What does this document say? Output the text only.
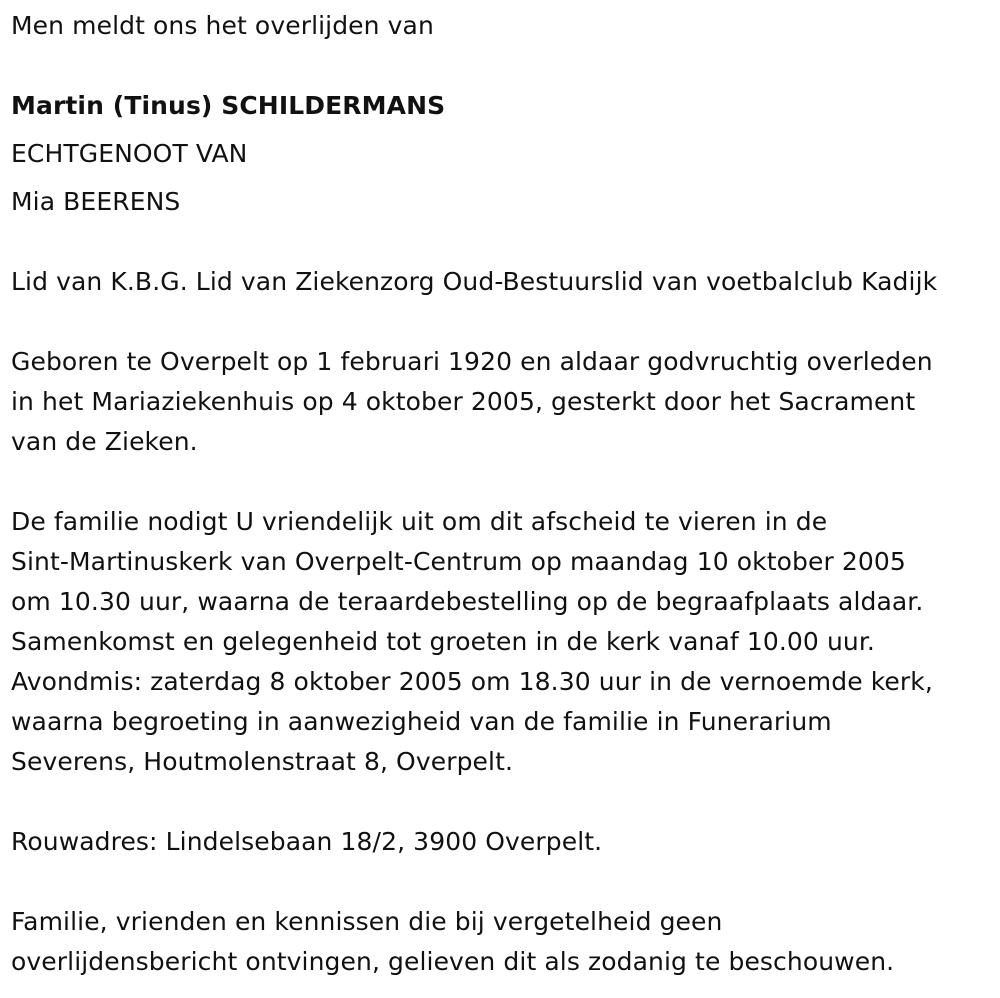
Men meldt ons het overlijden van
Martin (Tinus) SCHILDERMANS
ECHTGENOOT VAN
Mia BEERENS
Lid van K.B.G. Lid van Ziekenzorg Oud-Bestuurslid van voetbalclub Kadijk
Geboren te Overpelt op 1 februari 1920 en aldaar godvruchtig overleden
in het Mariaziekenhuis op 4 oktober 2005, gesterkt door het Sacrament
van de Zieken.
De familie nodigt U vriendelijk uit om dit afscheid te vieren in de
Sint-Martinuskerk van Overpelt-Centrum op maandag 10 oktober 2005
om 10.30 uur, waarna de teraardebestelling op de begraafplaats aldaar.
Samenkomst en gelegenheid tot groeten in de kerk vanaf 10.00 uur.
Avondmis: zaterdag 8 oktober 2005 om 18.30 uur in de vernoemde kerk,
waarna begroeting in aanwezigheid van de familie in Funerarium
Severens, Houtmolenstraat 8, Overpelt.
Rouwadres: Lindelsebaan 18/2, 3900 Overpelt.
Familie, vrienden en kennissen die bij vergetelheid geen
overlijdensbericht ontvingen, gelieven dit als zodanig te beschouwen.
